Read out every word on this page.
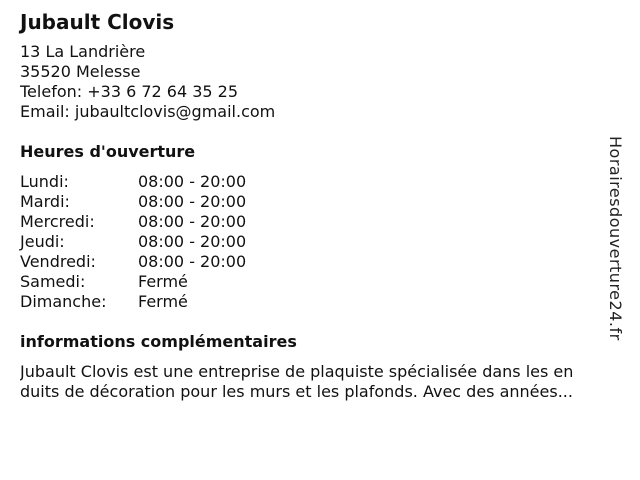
Jubault Clovis
13 La Landrière
35520 Melesse
Telefon: +33 6 72 64 35 25
Email: jubaultclovis@gmail.com
Heures d'ouverture
Lundi:	08:00 - 20:00
Mardi:	08:00 - 20:00
Mercredi:	08:00 - 20:00
Jeudi:	08:00 - 20:00
Vendredi:	08:00 - 20:00
Samedi:	Fermé
Dimanche:	Fermé
informations complémentaires
Jubault Clovis est une entreprise de plaquiste spécialisée dans les en
duits de décoration pour les murs et les plafonds. Avec des années...
Horairesdouverture24.fr
